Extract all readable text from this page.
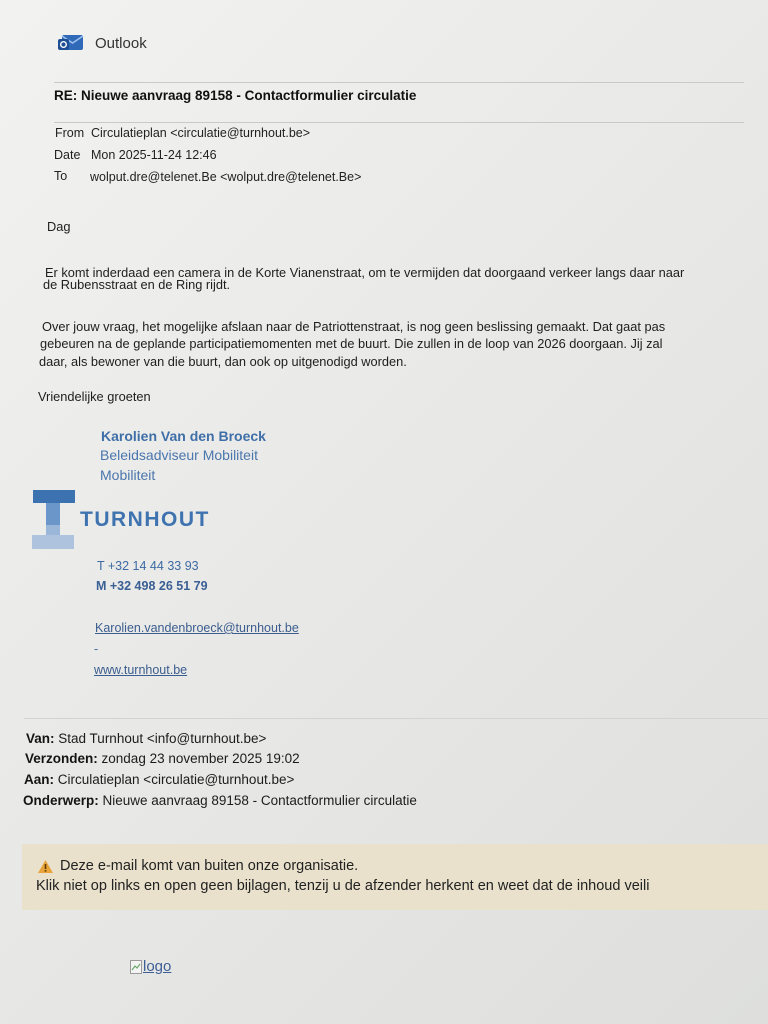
Outlook
RE: Nieuwe aanvraag 89158 - Contactformulier circulatie
From Circulatieplan <circulatie@turnhout.be>
Date Mon 2025-11-24 12:46
To wolput.dre@telenet.Be <wolput.dre@telenet.Be>
Dag
Er komt inderdaad een camera in de Korte Vianenstraat, om te vermijden dat doorgaand verkeer langs daar naar
de Rubensstraat en de Ring rijdt.
Over jouw vraag, het mogelijke afslaan naar de Patriottenstraat, is nog geen beslissing gemaakt. Dat gaat pas
gebeuren na de geplande participatiemomenten met de buurt. Die zullen in de loop van 2026 doorgaan. Jij zal
daar, als bewoner van die buurt, dan ook op uitgenodigd worden.
Vriendelijke groeten
Karolien Van den Broeck
Beleidsadviseur Mobiliteit
Mobiliteit
TURNHOUT
T +32 14 44 33 93
M +32 498 26 51 79
Karolien.vandenbroeck@turnhout.be
-
www.turnhout.be
Van: Stad Turnhout <info@turnhout.be>
Verzonden: zondag 23 november 2025 19:02
Aan: Circulatieplan <circulatie@turnhout.be>
Onderwerp: Nieuwe aanvraag 89158 - Contactformulier circulatie
Deze e-mail komt van buiten onze organisatie.
Klik niet op links en open geen bijlagen, tenzij u de afzender herkent en weet dat de inhoud veili
logo
